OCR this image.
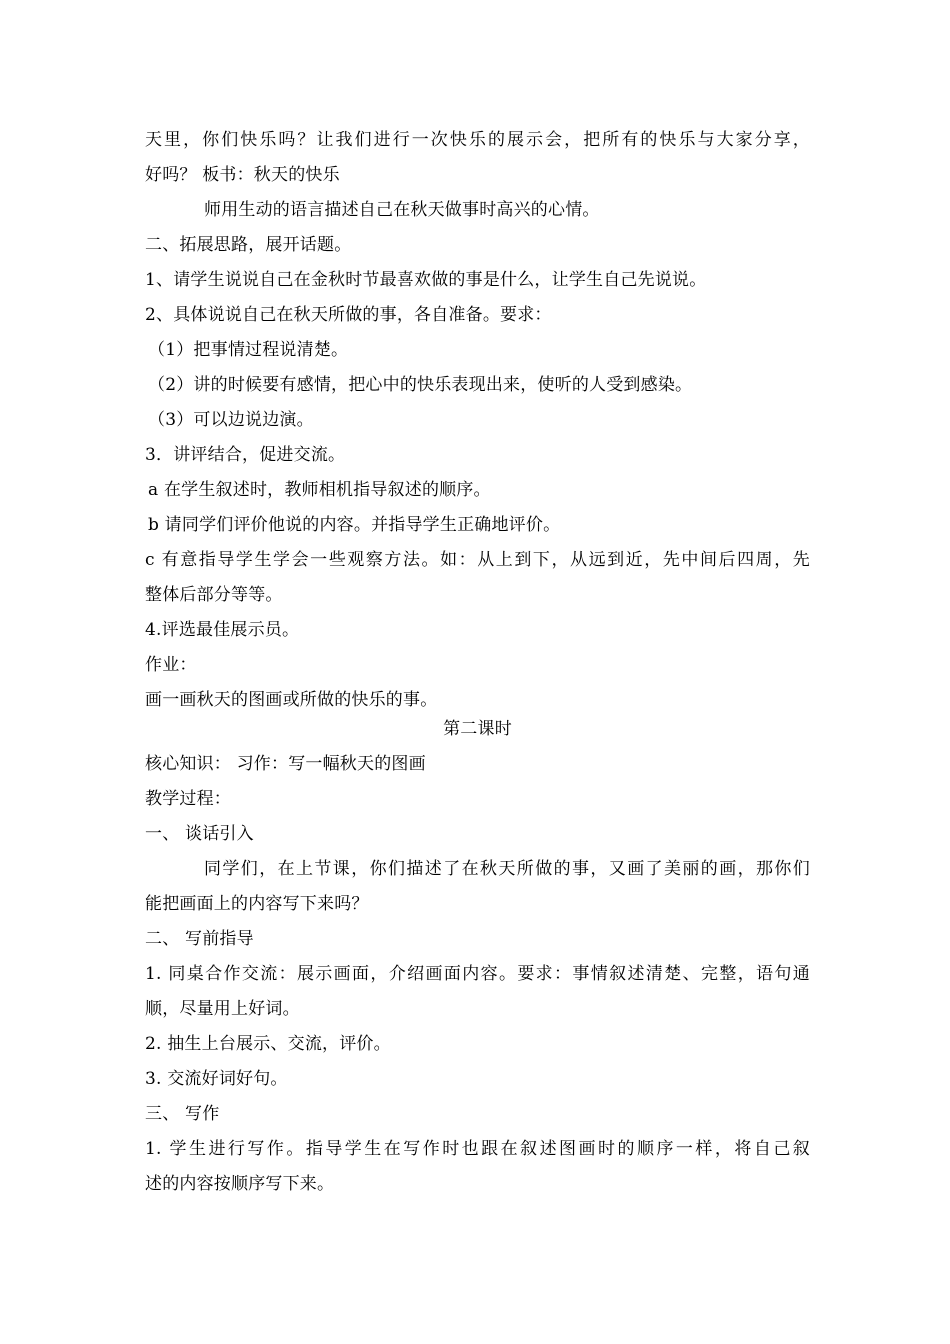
天里，你们快乐吗？让我们进行一次快乐的展示会，把所有的快乐与大家分享，
好吗？ 板书：秋天的快乐
师用生动的语言描述自己在秋天做事时高兴的心情。
二、拓展思路，展开话题。
1、请学生说说自己在金秋时节最喜欢做的事是什么，让学生自己先说说。
2、具体说说自己在秋天所做的事，各自准备。要求：
（1）把事情过程说清楚。
（2）讲的时候要有感情，把心中的快乐表现出来，使听的人受到感染。
（3）可以边说边演。
3．讲评结合，促进交流。
a 在学生叙述时，教师相机指导叙述的顺序。
b 请同学们评价他说的内容。并指导学生正确地评价。
c 有意指导学生学会一些观察方法。如：从上到下，从远到近，先中间后四周，先
整体后部分等等。
4.评选最佳展示员。
作业：
画一画秋天的图画或所做的快乐的事。
第二课时
核心知识： 习作：写一幅秋天的图画
教学过程：
一、 谈话引入
同学们，在上节课，你们描述了在秋天所做的事，又画了美丽的画，那你们
能把画面上的内容写下来吗？
二、 写前指导
1. 同桌合作交流：展示画面，介绍画面内容。要求：事情叙述清楚、完整，语句通
顺，尽量用上好词。
2. 抽生上台展示、交流，评价。
3. 交流好词好句。
三、 写作
1. 学生进行写作。指导学生在写作时也跟在叙述图画时的顺序一样，将自己叙
述的内容按顺序写下来。
